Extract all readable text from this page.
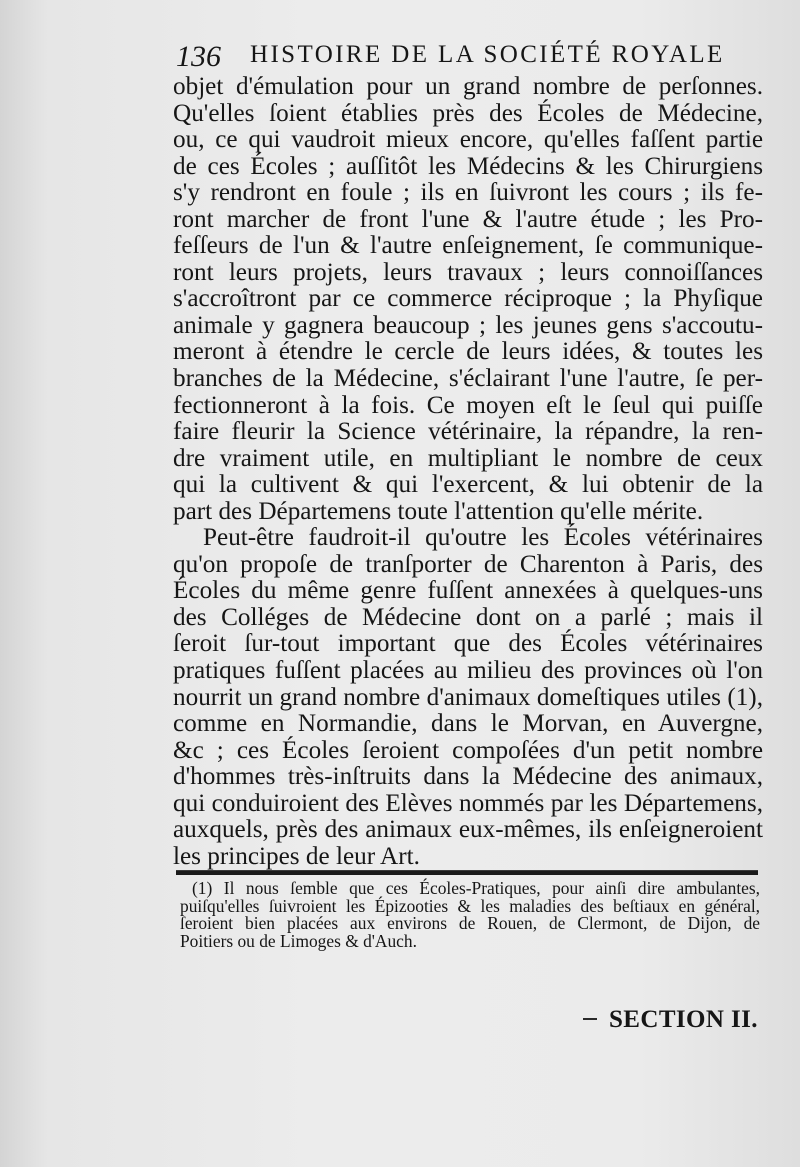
136 HISTOIRE DE LA SOCIÉTÉ ROYALE
objet d'émulation pour un grand nombre de perſonnes.
Qu'elles ſoient établies près des Écoles de Médecine,
ou, ce qui vaudroit mieux encore, qu'elles faſſent partie
de ces Écoles ; auſſitôt les Médecins & les Chirurgiens
s'y rendront en foule ; ils en ſuivront les cours ; ils fe-
ront marcher de front l'une & l'autre étude ; les Pro-
feſſeurs de l'un & l'autre enſeignement, ſe communique-
ront leurs projets, leurs travaux ; leurs connoiſſances
s'accroîtront par ce commerce réciproque ; la Phyſique
animale y gagnera beaucoup ; les jeunes gens s'accoutu-
meront à étendre le cercle de leurs idées, & toutes les
branches de la Médecine, s'éclairant l'une l'autre, ſe per-
fectionneront à la fois. Ce moyen eſt le ſeul qui puiſſe
faire fleurir la Science vétérinaire, la répandre, la ren-
dre vraiment utile, en multipliant le nombre de ceux
qui la cultivent & qui l'exercent, & lui obtenir de la
part des Départemens toute l'attention qu'elle mérite.
Peut-être faudroit-il qu'outre les Écoles vétérinaires
qu'on propoſe de tranſporter de Charenton à Paris, des
Écoles du même genre fuſſent annexées à quelques-uns
des Colléges de Médecine dont on a parlé ; mais il
ſeroit ſur-tout important que des Écoles vétérinaires
pratiques fuſſent placées au milieu des provinces où l'on
nourrit un grand nombre d'animaux domeſtiques utiles (1),
comme en Normandie, dans le Morvan, en Auvergne,
&c ; ces Écoles ſeroient compoſées d'un petit nombre
d'hommes très-inſtruits dans la Médecine des animaux,
qui conduiroient des Elèves nommés par les Départemens,
auxquels, près des animaux eux-mêmes, ils enſeigneroient
les principes de leur Art.
(1) Il nous ſemble que ces Écoles-Pratiques, pour ainſi dire ambulantes,
puiſqu'elles ſuivroient les Épizooties & les maladies des beſtiaux en général,
ſeroient bien placées aux environs de Rouen, de Clermont, de Dijon, de
Poitiers ou de Limoges & d'Auch.
SECTION II.
